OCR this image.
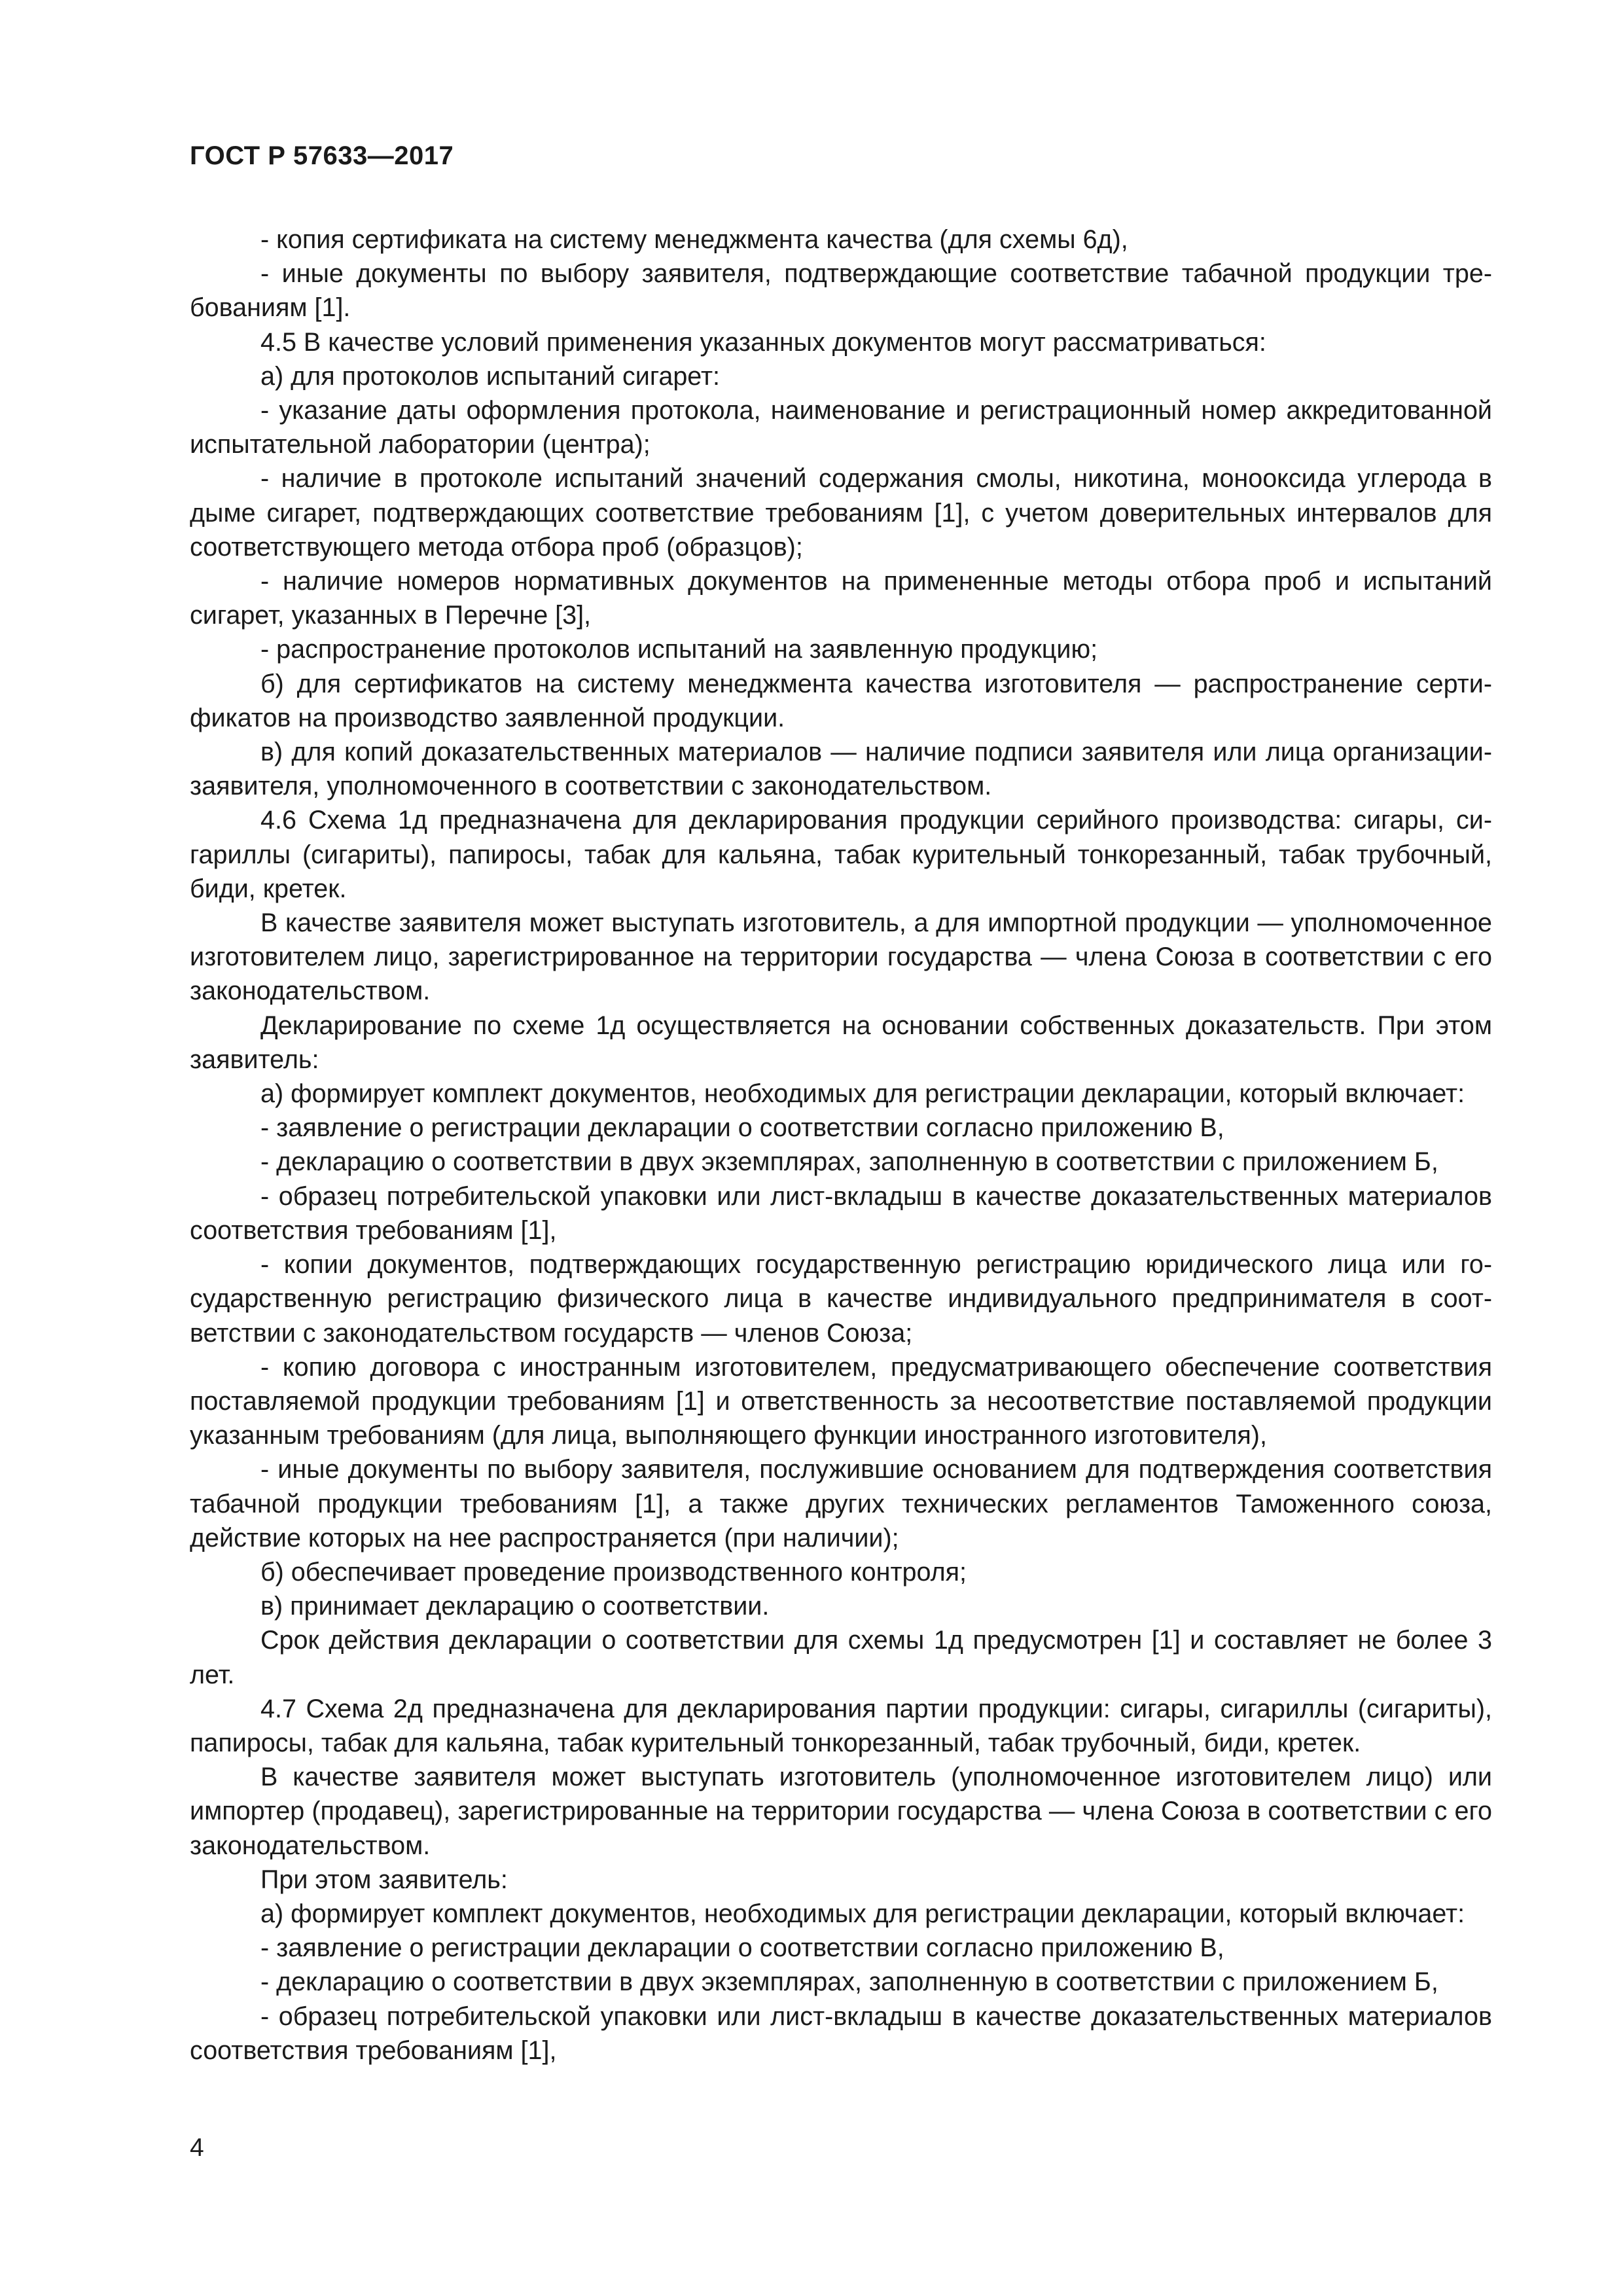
ГОСТ Р 57633—2017

- копия сертификата на систему менеджмента качества (для схемы 6д),

- иные документы по выбору заявителя, подтверждающие соответствие табачной продукции требованиям [1].

4.5 В качестве условий применения указанных документов могут рассматриваться:

а) для протоколов испытаний сигарет:

- указание даты оформления протокола, наименование и регистрационный номер аккредитованной испытательной лаборатории (центра);

- наличие в протоколе испытаний значений содержания смолы, никотина, монооксида углерода в дыме сигарет, подтверждающих соответствие требованиям [1], с учетом доверительных интервалов для соответствующего метода отбора проб (образцов);

- наличие номеров нормативных документов на примененные методы отбора проб и испытаний сигарет, указанных в Перечне [3],

- распространение протоколов испытаний на заявленную продукцию;

б) для сертификатов на систему менеджмента качества изготовителя — распространение сертификатов на производство заявленной продукции.

в) для копий доказательственных материалов — наличие подписи заявителя или лица организации-заявителя, уполномоченного в соответствии с законодательством.

4.6 Схема 1д предназначена для декларирования продукции серийного производства: сигары, сигариллы (сигариты), папиросы, табак для кальяна, табак курительный тонкорезанный, табак трубочный, биди, кретек.

В качестве заявителя может выступать изготовитель, а для импортной продукции — уполномоченное изготовителем лицо, зарегистрированное на территории государства — члена Союза в соответствии с его законодательством.

Декларирование по схеме 1д осуществляется на основании собственных доказательств. При этом заявитель:

а) формирует комплект документов, необходимых для регистрации декларации, который включает:

- заявление о регистрации декларации о соответствии согласно приложению В,

- декларацию о соответствии в двух экземплярах, заполненную в соответствии с приложением Б,

- образец потребительской упаковки или лист-вкладыш в качестве доказательственных материалов соответствия требованиям [1],

- копии документов, подтверждающих государственную регистрацию юридического лица или государственную регистрацию физического лица в качестве индивидуального предпринимателя в соответствии с законодательством государств — членов Союза;

- копию договора с иностранным изготовителем, предусматривающего обеспечение соответствия поставляемой продукции требованиям [1] и ответственность за несоответствие поставляемой продукции указанным требованиям (для лица, выполняющего функции иностранного изготовителя),

- иные документы по выбору заявителя, послужившие основанием для подтверждения соответствия табачной продукции требованиям [1], а также других технических регламентов Таможенного союза, действие которых на нее распространяется (при наличии);

б) обеспечивает проведение производственного контроля;

в) принимает декларацию о соответствии.

Срок действия декларации о соответствии для схемы 1д предусмотрен [1] и составляет не более 3 лет.

4.7 Схема 2д предназначена для декларирования партии продукции: сигары, сигариллы (сигариты), папиросы, табак для кальяна, табак курительный тонкорезанный, табак трубочный, биди, кретек.

В качестве заявителя может выступать изготовитель (уполномоченное изготовителем лицо) или импортер (продавец), зарегистрированные на территории государства — члена Союза в соответствии с его законодательством.

При этом заявитель:

а) формирует комплект документов, необходимых для регистрации декларации, который включает:

- заявление о регистрации декларации о соответствии согласно приложению В,

- декларацию о соответствии в двух экземплярах, заполненную в соответствии с приложением Б,

- образец потребительской упаковки или лист-вкладыш в качестве доказательственных материалов соответствия требованиям [1],

4
